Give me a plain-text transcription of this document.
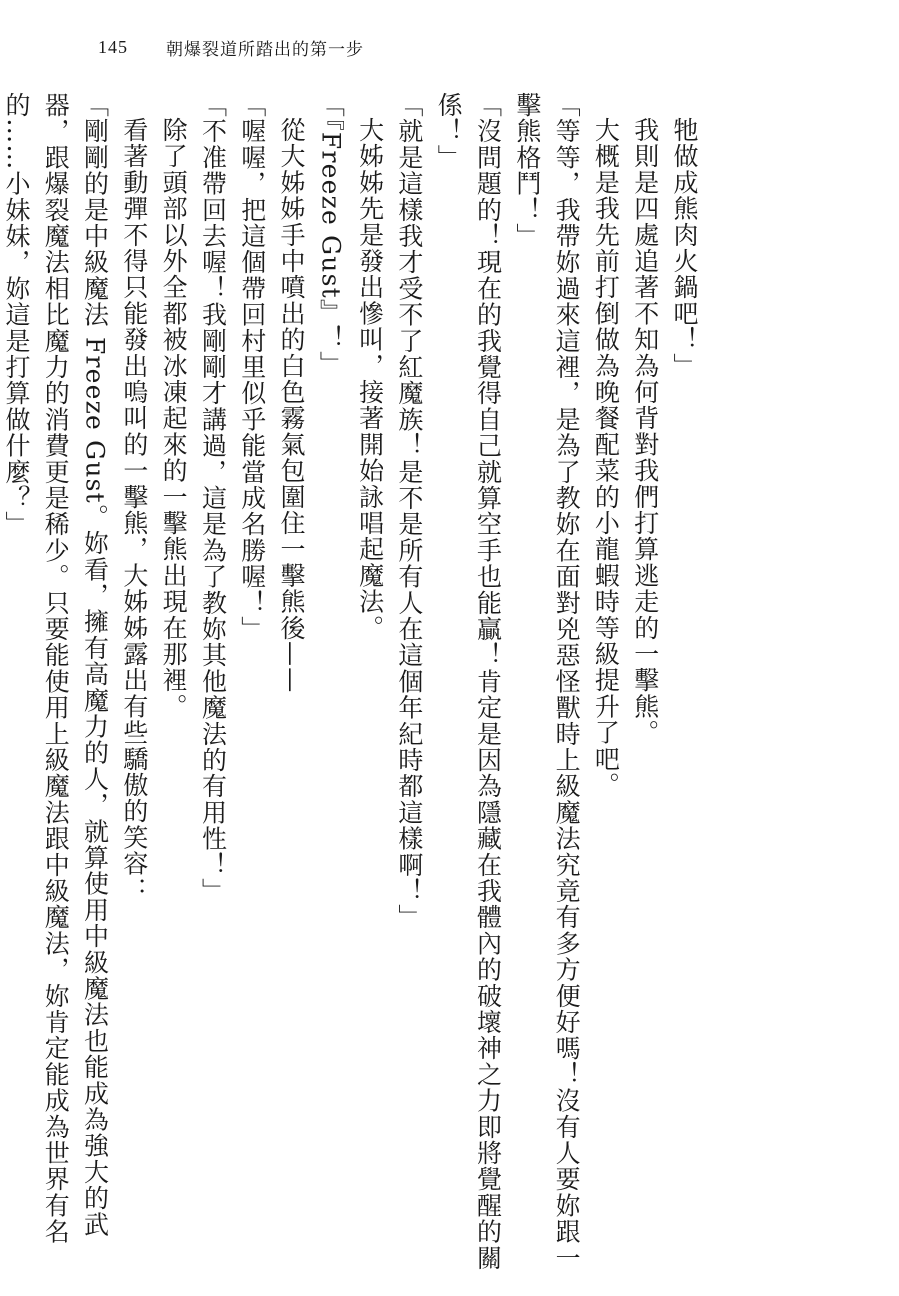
145 朝爆裂道所踏出的第一步

牠做成熊肉火鍋吧！」

我則是四處追著不知為何背對我們打算逃走的一擊熊。

大概是我先前打倒做為晚餐配菜的小龍蝦時等級提升了吧。

「等等，我帶妳過來這裡，是為了教妳在面對兇惡怪獸時上級魔法究竟有多方便好嗎！沒有人要妳跟一擊熊格鬥！」

「沒問題的！現在的我覺得自己就算空手也能贏！肯定是因為隱藏在我體內的破壞神之力即將覺醒的關係！」

「就是這樣我才受不了紅魔族！是不是所有人在這個年紀時都這樣啊！」

大姊姊先是發出慘叫，接著開始詠唱起魔法。

「『Freeze Gust』！」

從大姊姊手中噴出的白色霧氣包圍住一擊熊後——

「喔喔，把這個帶回村里似乎能當成名勝喔！」

「不准帶回去喔！我剛剛才講過，這是為了教妳其他魔法的有用性！」

除了頭部以外全都被冰凍起來的一擊熊出現在那裡。

看著動彈不得只能發出嗚叫的一擊熊，大姊姊露出有些驕傲的笑容：

「剛剛的是中級魔法 Freeze Gust。妳看，擁有高魔力的人，就算使用中級魔法也能成為強大的武器，跟爆裂魔法相比魔力的消費更是稀少。只要能使用上級魔法跟中級魔法，妳肯定能成為世界有名的……小妹妹，妳這是打算做什麼？」
